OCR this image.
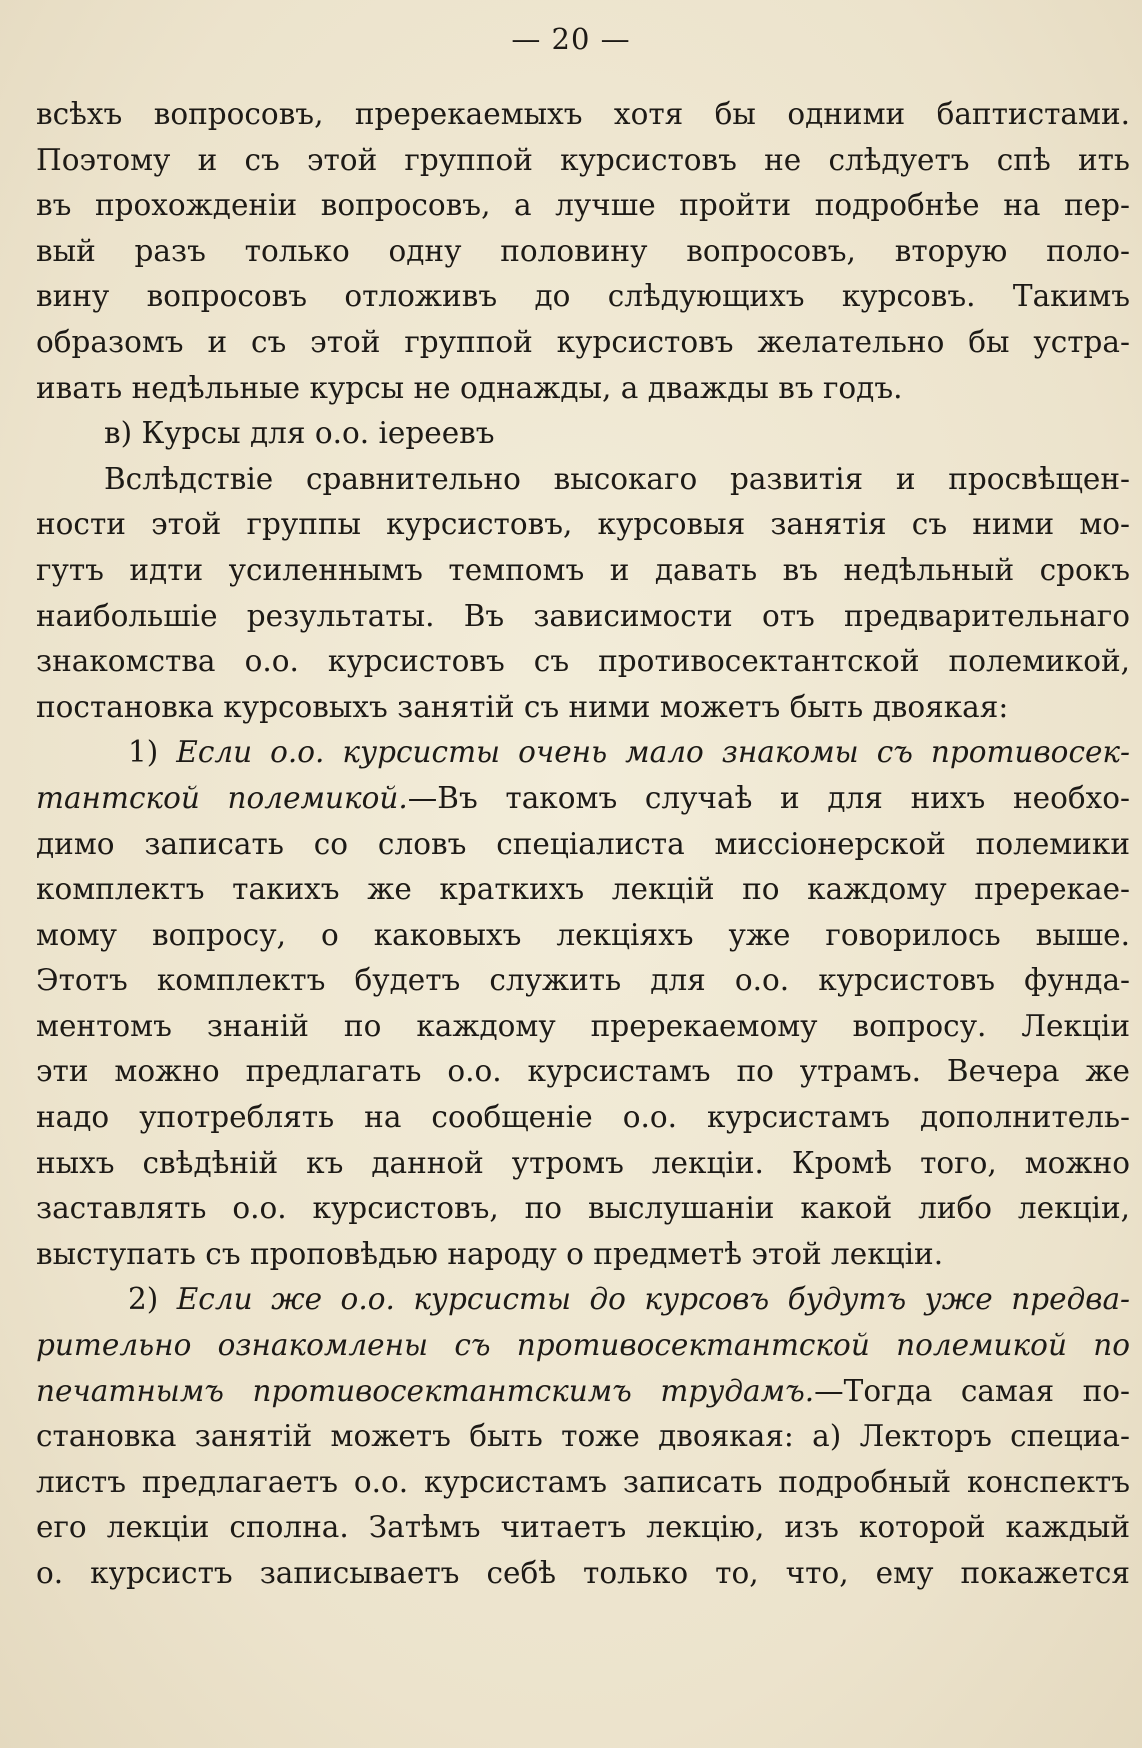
— 20 —
всѣхъ вопросовъ, пререкаемыхъ хотя бы одними баптистами.
Поэтому и съ этой группой курсистовъ не слѣдуетъ спѣ ить
въ прохожденіи вопросовъ, а лучше пройти подробнѣе на пер-
вый разъ только одну половину вопросовъ, вторую поло-
вину вопросовъ отложивъ до слѣдующихъ курсовъ. Такимъ
образомъ и съ этой группой курсистовъ желательно бы устра-
ивать недѣльные курсы не однажды, а дважды въ годъ.
в) Курсы для о.о. іереевъ
Вслѣдствіе сравнительно высокаго развитія и просвѣщен-
ности этой группы курсистовъ, курсовыя занятія съ ними мо-
гутъ идти усиленнымъ темпомъ и давать въ недѣльный срокъ
наибольшіе результаты. Въ зависимости отъ предварительнаго
знакомства о.о. курсистовъ съ противосектантской полемикой,
постановка курсовыхъ занятій съ ними можетъ быть двоякая:
1) Если о.о. курсисты очень мало знакомы съ противосек-
тантской полемикой.—Въ такомъ случаѣ и для нихъ необхо-
димо записать со словъ спеціалиста миссіонерской полемики
комплектъ такихъ же краткихъ лекцій по каждому пререкае-
мому вопросу, о каковыхъ лекціяхъ уже говорилось выше.
Этотъ комплектъ будетъ служить для о.о. курсистовъ фунда-
ментомъ знаній по каждому пререкаемому вопросу. Лекціи
эти можно предлагать о.о. курсистамъ по утрамъ. Вечера же
надо употреблять на сообщеніе о.о. курсистамъ дополнитель-
ныхъ свѣдѣній къ данной утромъ лекціи. Кромѣ того, можно
заставлять о.о. курсистовъ, по выслушаніи какой либо лекціи,
выступать съ проповѣдью народу о предметѣ этой лекціи.
2) Если же о.о. курсисты до курсовъ будутъ уже предва-
рительно ознакомлены съ противосектантской полемикой по
печатнымъ противосектантскимъ трудамъ.—Тогда самая по-
становка занятій можетъ быть тоже двоякая: а) Лекторъ специа-
листъ предлагаетъ о.о. курсистамъ записать подробный конспектъ
его лекціи сполна. Затѣмъ читаетъ лекцію, изъ которой каждый
о. курсистъ записываетъ себѣ только то, что, ему покажется
